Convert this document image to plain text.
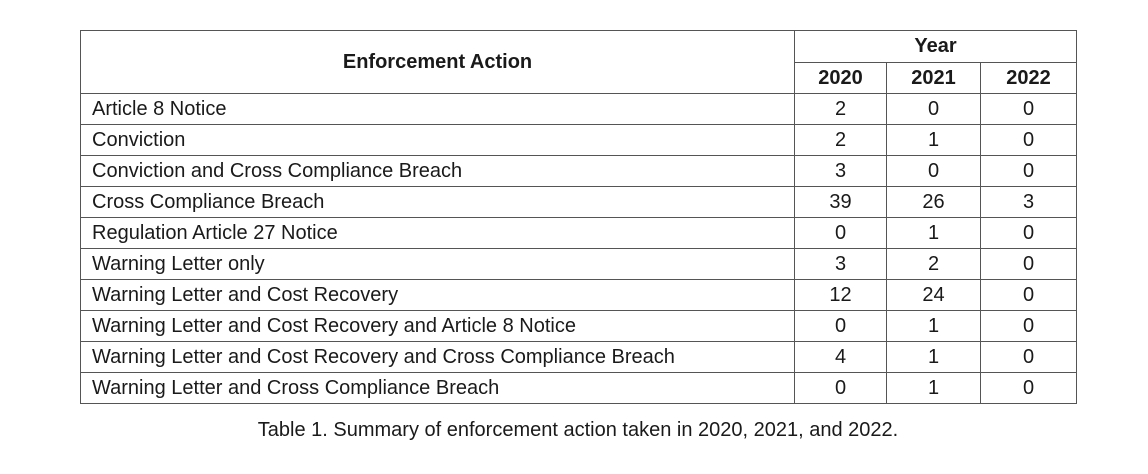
Enforcement Action	Year		
	2020	2021	2022
Article 8 Notice	2	0	0
Conviction	2	1	0
Conviction and Cross Compliance Breach	3	0	0
Cross Compliance Breach	39	26	3
Regulation Article 27 Notice	0	1	0
Warning Letter only	3	2	0
Warning Letter and Cost Recovery	12	24	0
Warning Letter and Cost Recovery and Article 8 Notice	0	1	0
Warning Letter and Cost Recovery and Cross Compliance Breach	4	1	0
Warning Letter and Cross Compliance Breach	0	1	0
Table 1. Summary of enforcement action taken in 2020, 2021, and 2022.
